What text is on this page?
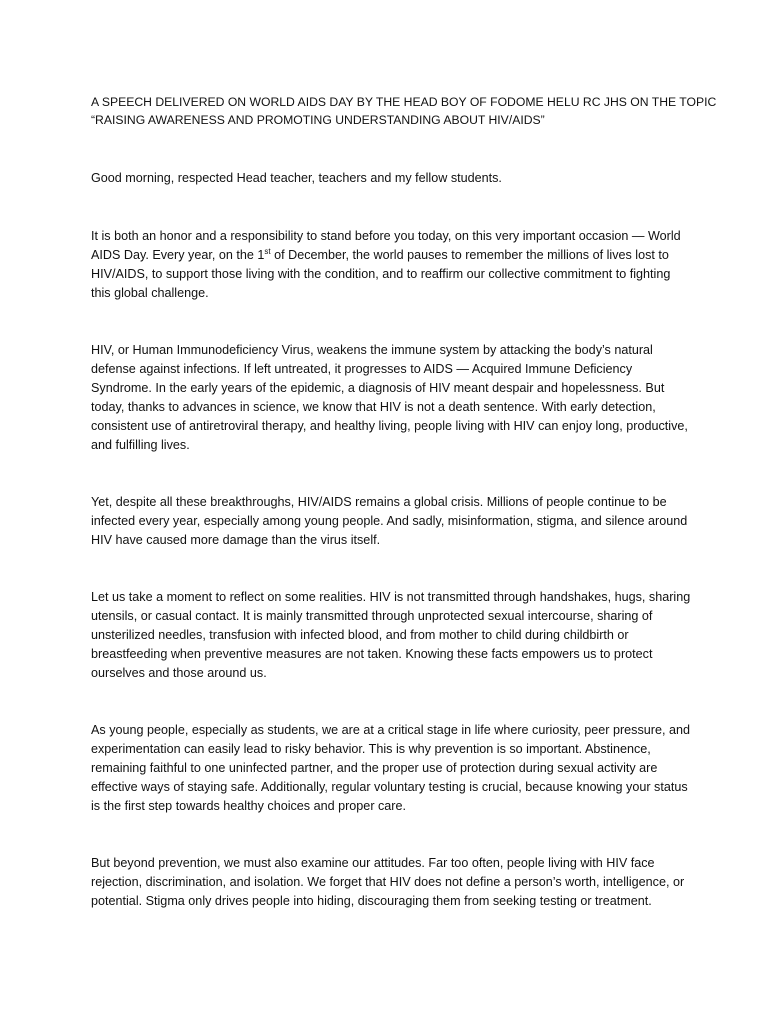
A SPEECH DELIVERED ON WORLD AIDS DAY BY THE HEAD BOY OF FODOME HELU RC JHS ON THE TOPIC
“RAISING AWARENESS AND PROMOTING UNDERSTANDING ABOUT HIV/AIDS”

Good morning, respected Head teacher, teachers and my fellow students.

It is both an honor and a responsibility to stand before you today, on this very important occasion — World AIDS Day. Every year, on the 1st of December, the world pauses to remember the millions of lives lost to HIV/AIDS, to support those living with the condition, and to reaffirm our collective commitment to fighting this global challenge.

HIV, or Human Immunodeficiency Virus, weakens the immune system by attacking the body’s natural defense against infections. If left untreated, it progresses to AIDS — Acquired Immune Deficiency Syndrome. In the early years of the epidemic, a diagnosis of HIV meant despair and hopelessness. But today, thanks to advances in science, we know that HIV is not a death sentence. With early detection, consistent use of antiretroviral therapy, and healthy living, people living with HIV can enjoy long, productive, and fulfilling lives.

Yet, despite all these breakthroughs, HIV/AIDS remains a global crisis. Millions of people continue to be infected every year, especially among young people. And sadly, misinformation, stigma, and silence around HIV have caused more damage than the virus itself.

Let us take a moment to reflect on some realities. HIV is not transmitted through handshakes, hugs, sharing utensils, or casual contact. It is mainly transmitted through unprotected sexual intercourse, sharing of unsterilized needles, transfusion with infected blood, and from mother to child during childbirth or breastfeeding when preventive measures are not taken. Knowing these facts empowers us to protect ourselves and those around us.

As young people, especially as students, we are at a critical stage in life where curiosity, peer pressure, and experimentation can easily lead to risky behavior. This is why prevention is so important. Abstinence, remaining faithful to one uninfected partner, and the proper use of protection during sexual activity are effective ways of staying safe. Additionally, regular voluntary testing is crucial, because knowing your status is the first step towards healthy choices and proper care.

But beyond prevention, we must also examine our attitudes. Far too often, people living with HIV face rejection, discrimination, and isolation. We forget that HIV does not define a person’s worth, intelligence, or potential. Stigma only drives people into hiding, discouraging them from seeking testing or treatment.
